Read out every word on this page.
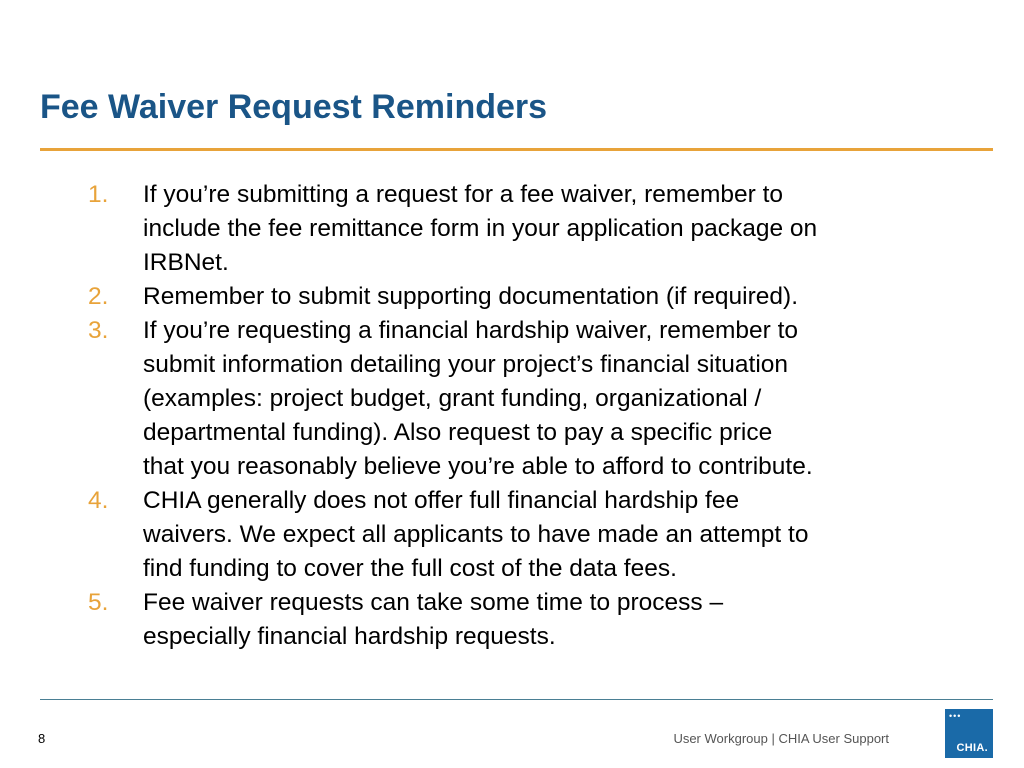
Fee Waiver Request Reminders
1.	If you’re submitting a request for a fee waiver, remember to
include the fee remittance form in your application package on
IRBNet.
2.	Remember to submit supporting documentation (if required).
3.	If you’re requesting a financial hardship waiver, remember to
submit information detailing your project’s financial situation
(examples: project budget, grant funding, organizational /
departmental funding). Also request to pay a specific price
that you reasonably believe you’re able to afford to contribute.
4.	CHIA generally does not offer full financial hardship fee
waivers. We expect all applicants to have made an attempt to
find funding to cover the full cost of the data fees.
5.	Fee waiver requests can take some time to process –
especially financial hardship requests.
8	User Workgroup | CHIA User Support
•••
CHIA.
